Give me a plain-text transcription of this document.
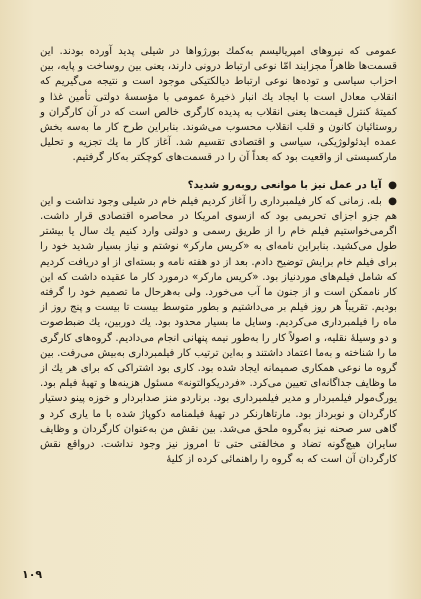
عمومی که نیروهای امپریالیسم به‌کمك بورژواها در شیلی پدید آورده بودند. این قسمت‌ها ظاهراً مجزایند امّا نوعی ارتباط درونی دارند، یعنی بین روساخت و پایه، بین احزاب سیاسی و توده‌ها نوعی ارتباط دیالکتیکی موجود است و نتیجه می‌گیریم که انقلاب معادل است با ایجاد یك انبار ذخیرهٔ عمومی با مؤسسهٔ دولتی تأمین غذا و کمیتهٔ کنترل قیمت‌ها یعنی انقلاب به پدیده کارگری خالص است که در آن کارگران و روستائیان کانون و قلب انقلاب محسوب می‌شوند. بنابراین طرح کار ما به‌سه بخش عمده ایدئولوژیکی، سیاسی و اقتصادی تقسیم شد. آغاز کار ما یك تجزیه و تحلیل مارکسیستی از واقعیت بود که بعداً آن را در قسمت‌های کوچکتر به‌کار گرفتیم.

● آیا در عمل نیز با موانعی روبه‌رو شدید؟

● بله. زمانی که کار فیلمبرداری را آغاز کردیم فیلم خام در شیلی وجود نداشت و این هم جزو اجزای تحریمی بود که ازسوی امریکا در محاصره اقتصادی قرار داشت. اگرمی‌خواستیم فیلم خام را از طریق رسمی و دولتی وارد کنیم یك سال یا بیشتر طول می‌کشید. بنابراین نامه‌ای به «کریس مارکر» نوشتم و نیاز بسیار شدید خود را برای فیلم خام برایش توضیح دادم. بعد از دو هفته نامه و بسته‌ای از او دریافت کردیم که شامل فیلم‌های موردنیاز بود. «کریس مارکر» درمورد کار ما عقیده داشت که این کار ناممکن است و از جنون ما آب می‌خورد. ولی به‌هرحال ما تصمیم خود را گرفته بودیم. تقریباً هر روز فیلم بر می‌داشتیم و بطور متوسط بیست تا بیست و پنج روز از ماه را فیلمبرداری می‌کردیم. وسایل ما بسیار محدود بود. یك دوربین، یك ضبط‌صوت و دو وسیلهٔ نقلیه، و اصولاً کار را به‌طور نیمه پنهانی انجام می‌دادیم. گروه‌های کارگری ما را شناخته و به‌ما اعتماد داشتند و به‌این ترتیب کار فیلمبرداری به‌بیش می‌رفت. بین گروه ما نوعی همکاری صمیمانه ایجاد شده بود. کاری بود اشتراکی که برای هر یك از ما وظایف جداگانه‌ای تعیین می‌کرد. «فردریکوالتونه» مسئول هزینه‌ها و تهیهٔ فیلم بود. یورگ‌مولر فیلمبردار و مدیر فیلمبرداری بود. برناردو منز صدابردار و خوزه پینو دستیار کارگردان و نوبرداز بود. مارتاهارنکر در تهیهٔ فیلمنامه دکوپاژ شده با ما یاری کرد و گاهی سر صحنه نیز به‌گروه ملحق می‌شد. بین نقش من به‌عنوان کارگردان و وظایف سایران هیچ‌گونه تضاد و مخالفتی حتی تا امروز نیز وجود نداشت. درواقع نقش کارگردان آن است که به گروه را راهنمائی کرده از کلیهٔ

۱۰۹
